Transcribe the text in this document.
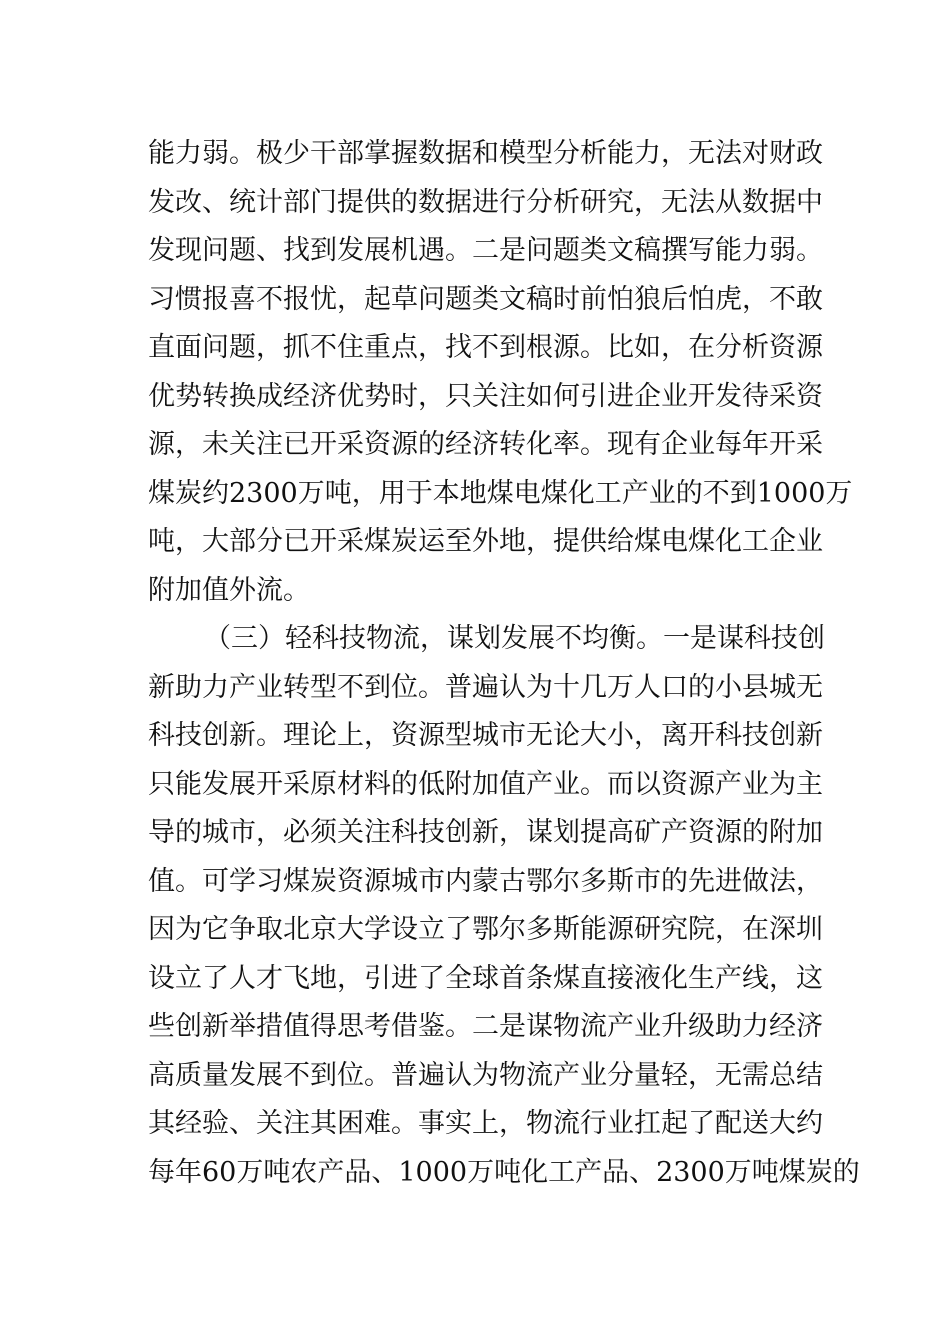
能力弱。极少干部掌握数据和模型分析能力，无法对财政
发改、统计部门提供的数据进行分析研究，无法从数据中
发现问题、找到发展机遇。二是问题类文稿撰写能力弱。
习惯报喜不报忧，起草问题类文稿时前怕狼后怕虎，不敢
直面问题，抓不住重点，找不到根源。比如，在分析资源
优势转换成经济优势时，只关注如何引进企业开发待采资
源，未关注已开采资源的经济转化率。现有企业每年开采
煤炭约2300万吨，用于本地煤电煤化工产业的不到1000万
吨，大部分已开采煤炭运至外地，提供给煤电煤化工企业
附加值外流。
（三）轻科技物流，谋划发展不均衡。一是谋科技创
新助力产业转型不到位。普遍认为十几万人口的小县城无
科技创新。理论上，资源型城市无论大小，离开科技创新
只能发展开采原材料的低附加值产业。而以资源产业为主
导的城市，必须关注科技创新，谋划提高矿产资源的附加
值。可学习煤炭资源城市内蒙古鄂尔多斯市的先进做法，
因为它争取北京大学设立了鄂尔多斯能源研究院，在深圳
设立了人才飞地，引进了全球首条煤直接液化生产线，这
些创新举措值得思考借鉴。二是谋物流产业升级助力经济
高质量发展不到位。普遍认为物流产业分量轻，无需总结
其经验、关注其困难。事实上，物流行业扛起了配送大约
每年60万吨农产品、1000万吨化工产品、2300万吨煤炭的
